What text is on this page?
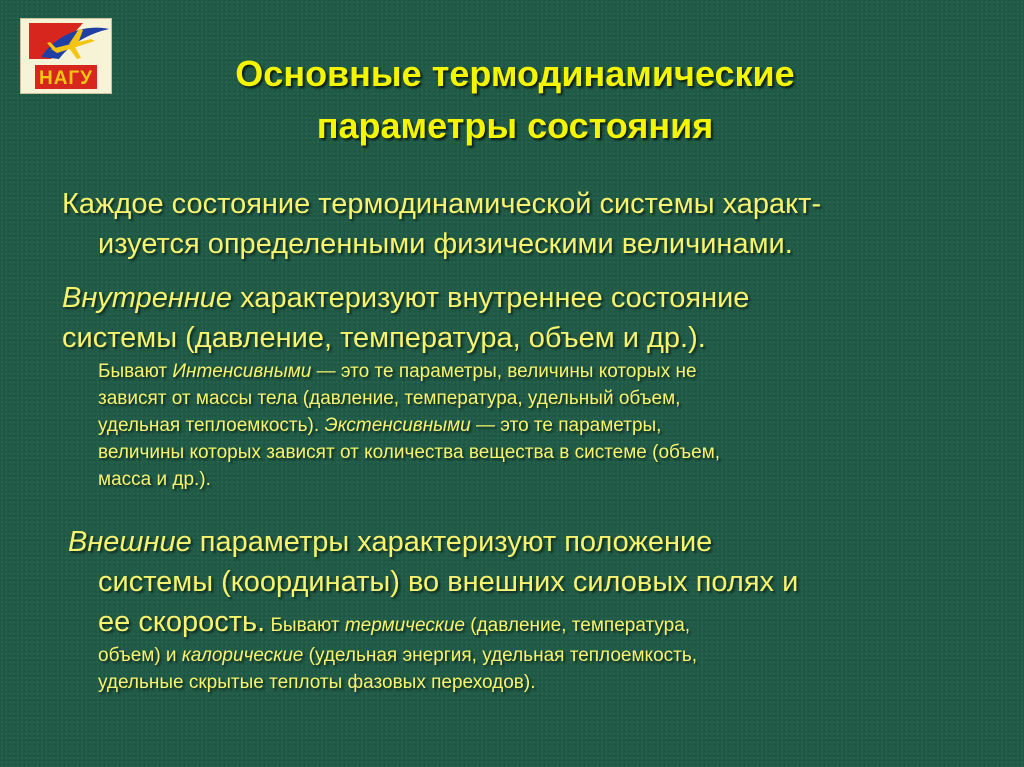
НАГУ	Основные термодинамические
параметры состояния
Каждое состояние термодинамической системы характ-
изуется определенными физическими величинами.
Внутренние характеризуют внутреннее состояние
системы (давление, температура, объем и др.).
Бывают Интенсивными — это те параметры, величины которых не
зависят от массы тела (давление, температура, удельный объем,
удельная теплоемкость). Экстенсивными — это те параметры,
величины которых зависят от количества вещества в системе (объем,
масса и др.).
Внешние параметры характеризуют положение
системы (координаты) во внешних силовых полях и
ее скорость. Бывают термические (давление, температура,
объем) и калорические (удельная энергия, удельная теплоемкость,
удельные скрытые теплоты фазовых переходов).
